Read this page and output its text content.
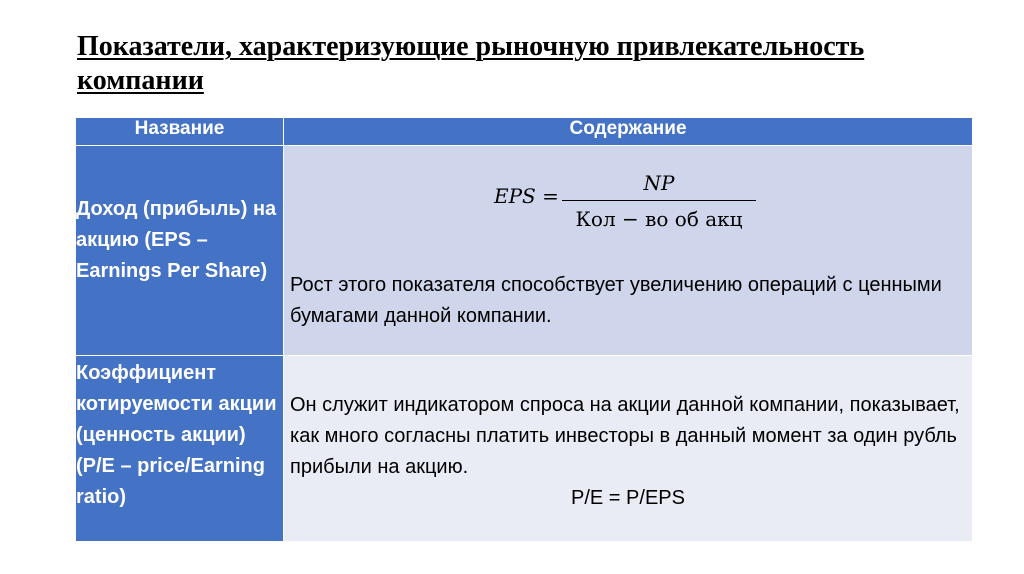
Показатели, характеризующие рыночную привлекательность компании
Название	Содержание

Доход (прибыль) на акцию (EPS – Earnings Per Share)	EPS =
NP
Кол − во об акц
Рост этого показателя способствует увеличению операций с ценными бумагами данной компании.

Коэффициент котируемости акции (ценность акции) (P/E – price/Earning ratio)	Он служит индикатором спроса на акции данной компании, показывает, как много согласны платить инвесторы в данный момент за один рубль прибыли на акцию.
P/E = P/EPS
